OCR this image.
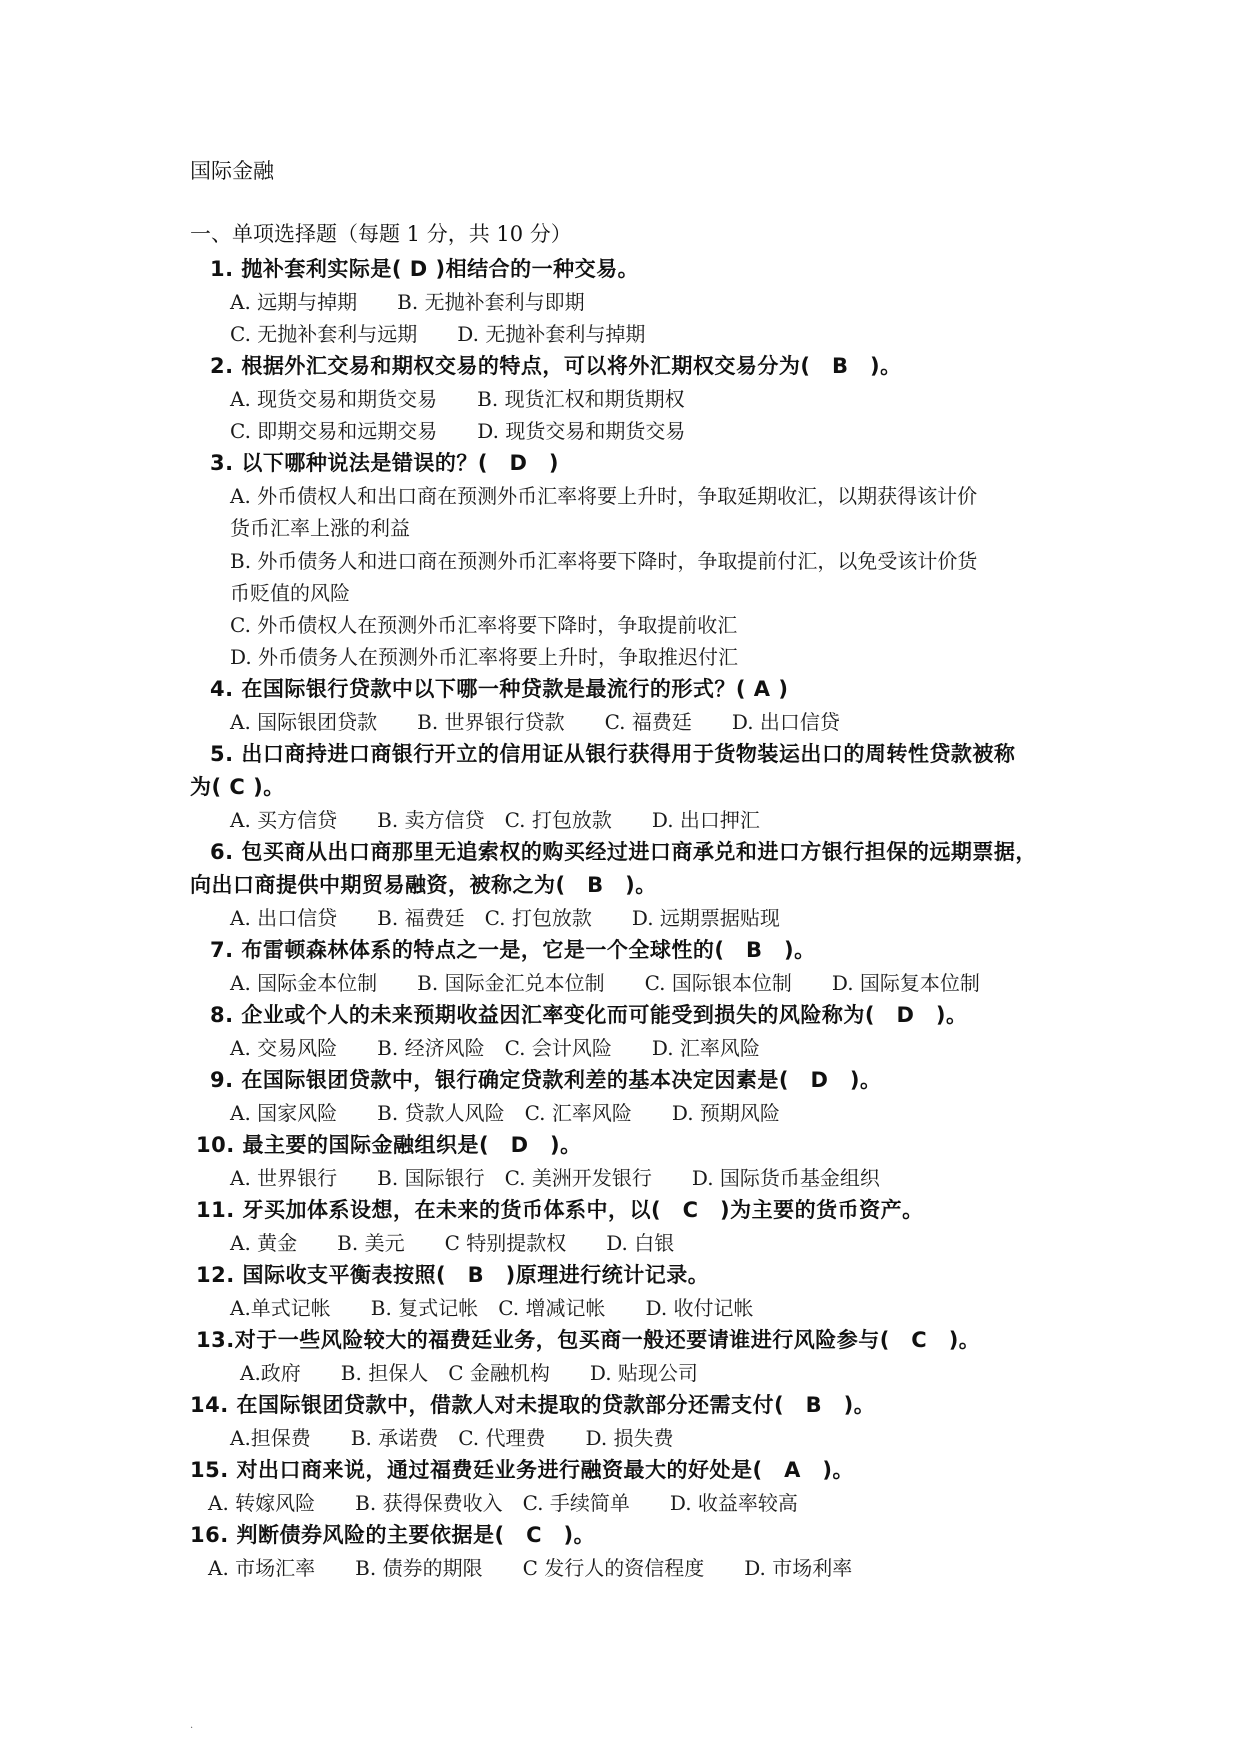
国际金融
一、单项选择题（每题 1 分，共 10 分）
1. 抛补套利实际是( D )相结合的一种交易。
A. 远期与掉期　　B. 无抛补套利与即期
C. 无抛补套利与远期　　D. 无抛补套利与掉期
2. 根据外汇交易和期权交易的特点，可以将外汇期权交易分为(　B　)。
A. 现货交易和期货交易　　B. 现货汇权和期货期权
C. 即期交易和远期交易　　D. 现货交易和期货交易
3. 以下哪种说法是错误的？(　D　)
A. 外币债权人和出口商在预测外币汇率将要上升时，争取延期收汇，以期获得该计价
货币汇率上涨的利益
B. 外币债务人和进口商在预测外币汇率将要下降时，争取提前付汇，以免受该计价货
币贬值的风险
C. 外币债权人在预测外币汇率将要下降时，争取提前收汇
D. 外币债务人在预测外币汇率将要上升时，争取推迟付汇
4. 在国际银行贷款中以下哪一种贷款是最流行的形式？( A )
A. 国际银团贷款　　B. 世界银行贷款　　C. 福费廷　　D. 出口信贷
5. 出口商持进口商银行开立的信用证从银行获得用于货物装运出口的周转性贷款被称
为( C )。
A. 买方信贷　　B. 卖方信贷　C. 打包放款　　D. 出口押汇
6. 包买商从出口商那里无追索权的购买经过进口商承兑和进口方银行担保的远期票据，
向出口商提供中期贸易融资，被称之为(　B　)。
A. 出口信贷　　B. 福费廷　C. 打包放款　　D. 远期票据贴现
7. 布雷顿森林体系的特点之一是，它是一个全球性的(　B　)。
A. 国际金本位制　　B. 国际金汇兑本位制　　C. 国际银本位制　　D. 国际复本位制
8. 企业或个人的未来预期收益因汇率变化而可能受到损失的风险称为(　D　)。
A. 交易风险　　B. 经济风险　C. 会计风险　　D. 汇率风险
9. 在国际银团贷款中，银行确定贷款利差的基本决定因素是(　D　)。
A. 国家风险　　B. 贷款人风险　C. 汇率风险　　D. 预期风险
10. 最主要的国际金融组织是(　D　)。
A. 世界银行　　B. 国际银行　C. 美洲开发银行　　D. 国际货币基金组织
11. 牙买加体系设想，在未来的货币体系中，以(　C　)为主要的货币资产。
A. 黄金　　B. 美元　　C 特别提款权　　D. 白银
12. 国际收支平衡表按照(　B　)原理进行统计记录。
A.单式记帐　　B. 复式记帐　C. 增减记帐　　D. 收付记帐
13.对于一些风险较大的福费廷业务，包买商一般还要请谁进行风险参与(　C　)。
A.政府　　B. 担保人　C 金融机构　　D. 贴现公司
14. 在国际银团贷款中，借款人对未提取的贷款部分还需支付(　B　)。
A.担保费　　B. 承诺费　C. 代理费　　D. 损失费
15. 对出口商来说，通过福费廷业务进行融资最大的好处是(　A　)。
A. 转嫁风险　　B. 获得保费收入　C. 手续简单　　D. 收益率较高
16. 判断债券风险的主要依据是(　C　)。
A. 市场汇率　　B. 债券的期限　　C 发行人的资信程度　　D. 市场利率
.
